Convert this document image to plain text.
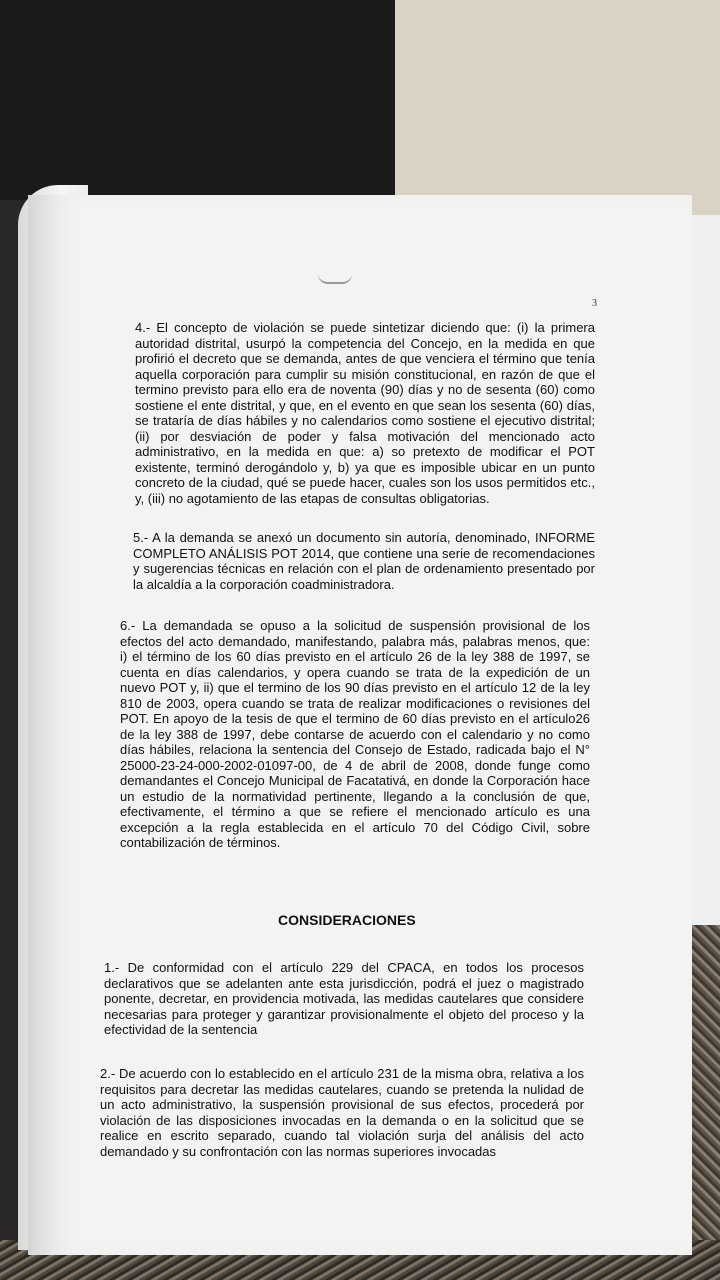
3
4.- El concepto de violación se puede sintetizar diciendo que: (i) la primera autoridad distrital, usurpó la competencia del Concejo, en la medida en que profirió el decreto que se demanda, antes de que venciera el término que tenía aquella corporación para cumplir su misión constitucional, en razón de que el termino previsto para ello era de noventa (90) días y no de sesenta (60) como sostiene el ente distrital, y que, en el evento en que sean los sesenta (60) días, se trataría de días hábiles y no calendarios como sostiene el ejecutivo distrital; (ii) por desviación de poder y falsa motivación del mencionado acto administrativo, en la medida en que: a) so pretexto de modificar el POT existente, terminó derogándolo y, b) ya que es imposible ubicar en un punto concreto de la ciudad, qué se puede hacer, cuales son los usos permitidos etc., y, (iii) no agotamiento de las etapas de consultas obligatorias.
5.- A la demanda se anexó un documento sin autoría, denominado, INFORME COMPLETO ANÁLISIS POT 2014, que contiene una serie de recomendaciones y sugerencias técnicas en relación con el plan de ordenamiento presentado por la alcaldía a la corporación coadministradora.
6.- La demandada se opuso a la solicitud de suspensión provisional de los efectos del acto demandado, manifestando, palabra más, palabras menos, que: i) el término de los 60 días previsto en el artículo 26 de la ley 388 de 1997, se cuenta en días calendarios, y opera cuando se trata de la expedición de un nuevo POT y, ii) que el termino de los 90 días previsto en el artículo 12 de la ley 810 de 2003, opera cuando se trata de realizar modificaciones o revisiones del POT. En apoyo de la tesis de que el termino de 60 días previsto en el artículo26 de la ley 388 de 1997, debe contarse de acuerdo con el calendario y no como días hábiles, relaciona la sentencia del Consejo de Estado, radicada bajo el N° 25000-23-24-000-2002-01097-00, de 4 de abril de 2008, donde funge como demandantes el Concejo Municipal de Facatativá, en donde la Corporación hace un estudio de la normatividad pertinente, llegando a la conclusión de que, efectivamente, el término a que se refiere el mencionado artículo es una excepción a la regla establecida en el artículo 70 del Código Civil, sobre contabilización de términos.
CONSIDERACIONES
1.- De conformidad con el artículo 229 del CPACA, en todos los procesos declarativos que se adelanten ante esta jurisdicción, podrá el juez o magistrado ponente, decretar, en providencia motivada, las medidas cautelares que considere necesarias para proteger y garantizar provisionalmente el objeto del proceso y la efectividad de la sentencia
2.- De acuerdo con lo establecido en el artículo 231 de la misma obra, relativa a los requisitos para decretar las medidas cautelares, cuando se pretenda la nulidad de un acto administrativo, la suspensión provisional de sus efectos, procederá por violación de las disposiciones invocadas en la demanda o en la solicitud que se realice en escrito separado, cuando tal violación surja del análisis del acto demandado y su confrontación con las normas superiores invocadas
